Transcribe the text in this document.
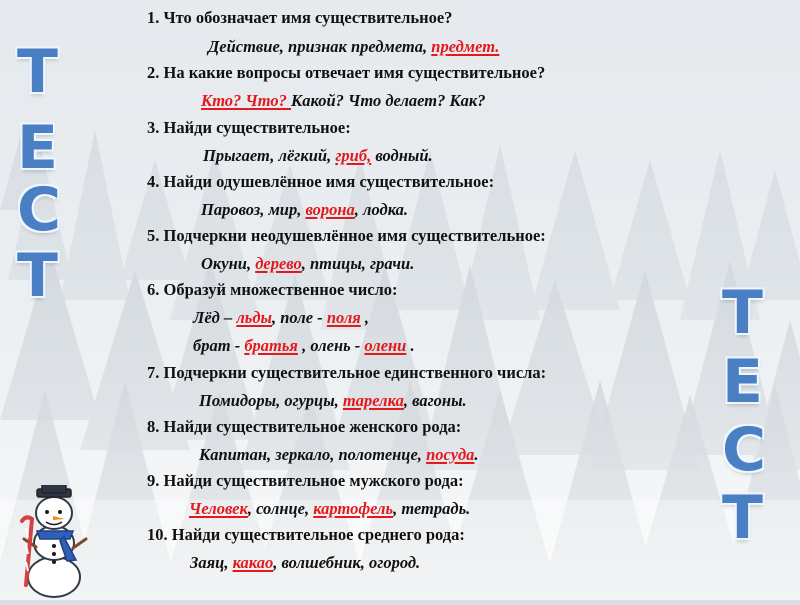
Т
Е
С
Т
Т
Е
С
Т
1. Что обозначает имя существительное?
Действие, признак предмета, предмет.
2. На какие вопросы отвечает имя существительное?
Кто? Что? Какой? Что делает? Как?
3. Найди существительное:
Прыгает, лёгкий, гриб, водный.
4. Найди одушевлённое имя существительное:
Паровоз, мир, ворона, лодка.
5. Подчеркни неодушевлённое имя существительное:
Окуни, дерево, птицы, грачи.
6. Образуй множественное число:
Лёд – льды, поле - поля ,
брат - братья , олень - олени .
7. Подчеркни существительное единственного числа:
Помидоры, огурцы, тарелка, вагоны.
8. Найди существительное женского рода:
Капитан, зеркало, полотенце, посуда.
9. Найди существительное мужского рода:
Человек, солнце, картофель, тетрадь.
10. Найди существительное среднего рода:
Заяц, какао, волшебник, огород.
